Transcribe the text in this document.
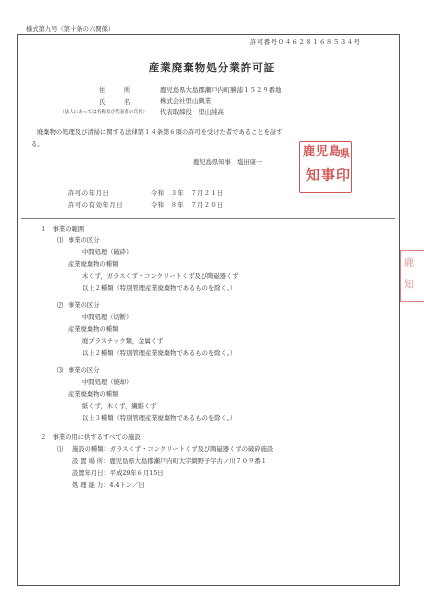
様式第九号（第十条の六関係）
許可番号０４６２８１６８５３４号
産業廃棄物処分業許可証
住	所	鹿児島県大島郡瀬戸内町勝浦１５２９番地
氏	名	株式会社里山興業
（法人にあっては名称及び代表者の氏名） 代表取締役　里山純高
廃棄物の処理及び清掃に関する法律第１４条第６項の許可を受けた者であることを証す
る。
鹿児島県知事　塩田康一
鹿 児 島
県
知 事 印
許可の年月日	令和　３年　７月２１日
許可の有効年月日	令和　８年　７月２０日
１　事業の範囲
⑴ 事業の区分
中間処理（破砕）
産業廃棄物の種類
木くず，ガラスくず・コンクリートくず及び陶磁器くず
以上２種類（特別管理産業廃棄物であるものを除く。）
⑵ 事業の区分
中間処理（切断）
産業廃棄物の種類
廃プラスチック類，金属くず
以上２種類（特別管理産業廃棄物であるものを除く。）
⑶ 事業の区分
中間処理（焼却）
産業廃棄物の種類
紙くず，木くず，繊維くず
以上３種類（特別管理産業廃棄物であるものを除く。）
２　事業の用に供するすべての施設
⑴ 施設の種類：ガラスくず・コンクリートくず及び陶磁器くずの破砕施設
設 置 場 所：鹿児島県大島郡瀬戸内町大字網野子字古ノ川７０９番１
設置年月日：平成29年６月15日
処 理 能 力：4.4トン／日
鹿
知
